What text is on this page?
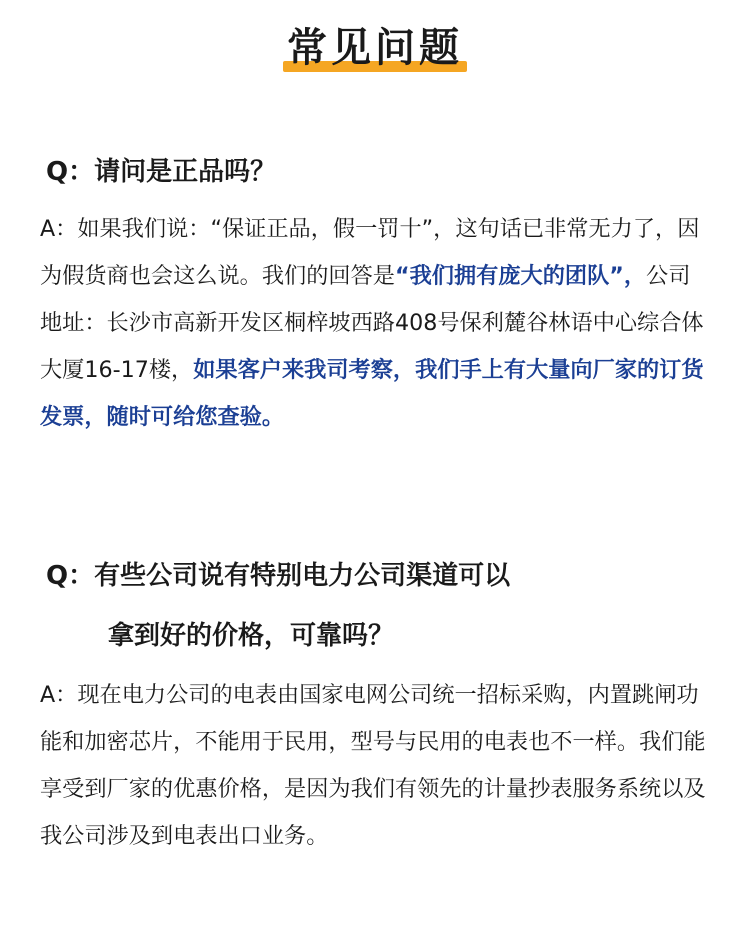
常见问题
Q：请问是正品吗？

A：如果我们说：“保证正品，假一罚十”，这句话已非常无力了，因为假货商也会这么说。我们的回答是“我们拥有庞大的团队”，公司地址：长沙市高新开发区桐梓坡西路408号保利麓谷林语中心综合体大厦16-17楼，如果客户来我司考察，我们手上有大量向厂家的订货发票，随时可给您查验。

Q：有些公司说有特别电力公司渠道可以
拿到好的价格，可靠吗？

A：现在电力公司的电表由国家电网公司统一招标采购，内置跳闸功能和加密芯片，不能用于民用，型号与民用的电表也不一样。我们能享受到厂家的优惠价格，是因为我们有领先的计量抄表服务系统以及我公司涉及到电表出口业务。
